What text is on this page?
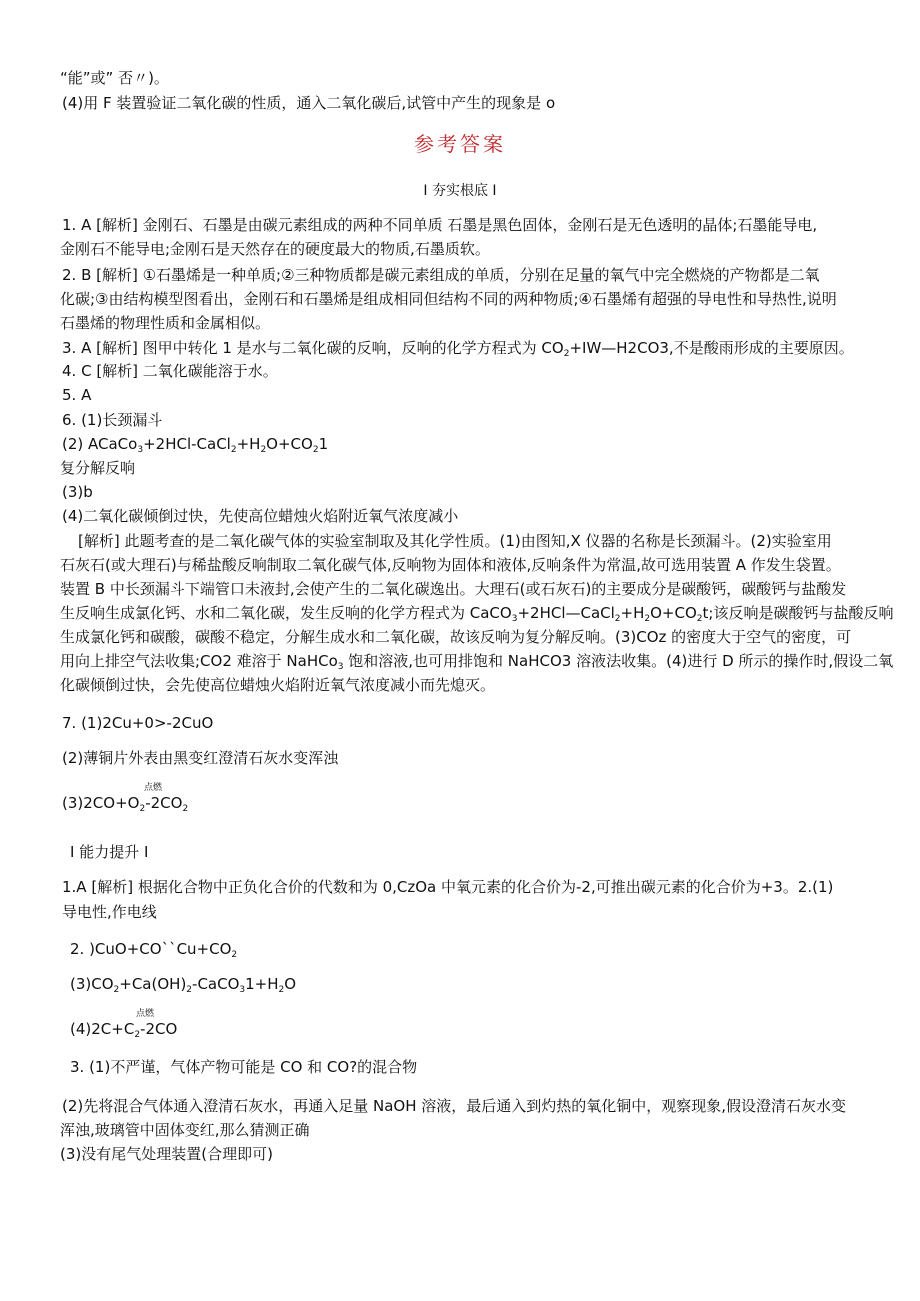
“能”或” 否〃)。
(4)用 F 装置验证二氧化碳的性质，通入二氧化碳后,试管中产生的现象是 o
参考答案
I 夯实根底 I
1. A [解析] 金刚石、石墨是由碳元素组成的两种不同单质 石墨是黑色固体，金刚石是无色透明的晶体;石墨能导电,
金刚石不能导电;金刚石是天然存在的硬度最大的物质,石墨质软。
2. B [解析] ①石墨烯是一种单质;②三种物质都是碳元素组成的单质，分别在足量的氧气中完全燃烧的产物都是二氧
化碳;③由结构模型图看出，金刚石和石墨烯是组成相同但结构不同的两种物质;④石墨烯有超强的导电性和导热性,说明
石墨烯的物理性质和金属相似。
3. A [解析] 图甲中转化 1 是水与二氧化碳的反响，反响的化学方程式为 $CO_2+IW—H2CO3$,不是酸雨形成的主要原因。
4. C [解析] 二氧化碳能溶于水。
5. A
6. (1)长颈漏斗
(2) $ACaCo_3+2HCl-CaCl_2+H_2O+CO_21$
复分解反响
(3)b
(4)二氧化碳倾倒过快，先使高位蜡烛火焰附近氧气浓度减小
[解析] 此题考查的是二氧化碳气体的实验室制取及其化学性质。(1)由图知,X 仪器的名称是长颈漏斗。(2)实验室用
石灰石(或大理石)与稀盐酸反响制取二氧化碳气体,反响物为固体和液体,反响条件为常温,故可选用装置 A 作发生袋置。
装置 B 中长颈漏斗下端管口未液封,会使产生的二氧化碳逸出。大理石(或石灰石)的主要成分是碳酸钙，碳酸钙与盐酸发
生反响生成氯化钙、水和二氧化碳，发生反响的化学方程式为 $CaCO_3+2HCl—CaCl_2+H_2O+CO_2t$;该反响是碳酸钙与盐酸反响
生成氯化钙和碳酸，碳酸不稳定，分解生成水和二氧化碳，故该反响为复分解反响。(3)COz 的密度大于空气的密度，可
用向上排空气法收集;CO2 难溶于 NaHCo$_3$ 饱和溶液,也可用排饱和 NaHCO3 溶液法收集。(4)进行 D 所示的操作时,假设二氧
化碳倾倒过快，会先使高位蜡烛火焰附近氧气浓度减小而先熄灭。
7. (1)2Cu+0>-2CuO
(2)薄铜片外表由黑变红澄清石灰水变浑浊
点燃
$(3)2CO+O_2-2CO_2$
I 能力提升 I
1.A [解析] 根据化合物中正负化合价的代数和为 0,CzOa 中氧元素的化合价为-2,可推出碳元素的化合价为+3。2.(1)
导电性,作电线
2. )$CuO+CO``Cu+CO_2$
$(3)CO_2+Ca(OH)_2-CaCO_31+H_2O$
点燃
$(4)2C+C_2-2CO$
3. (1)不严谨，气体产物可能是 CO 和 CO?的混合物
(2)先将混合气体通入澄清石灰水，再通入足量 NaOH 溶液，最后通入到灼热的氧化铜中，观察现象,假设澄清石灰水变
浑浊,玻璃管中固体变红,那么猜测正确
(3)没有尾气处理装置(合理即可)
